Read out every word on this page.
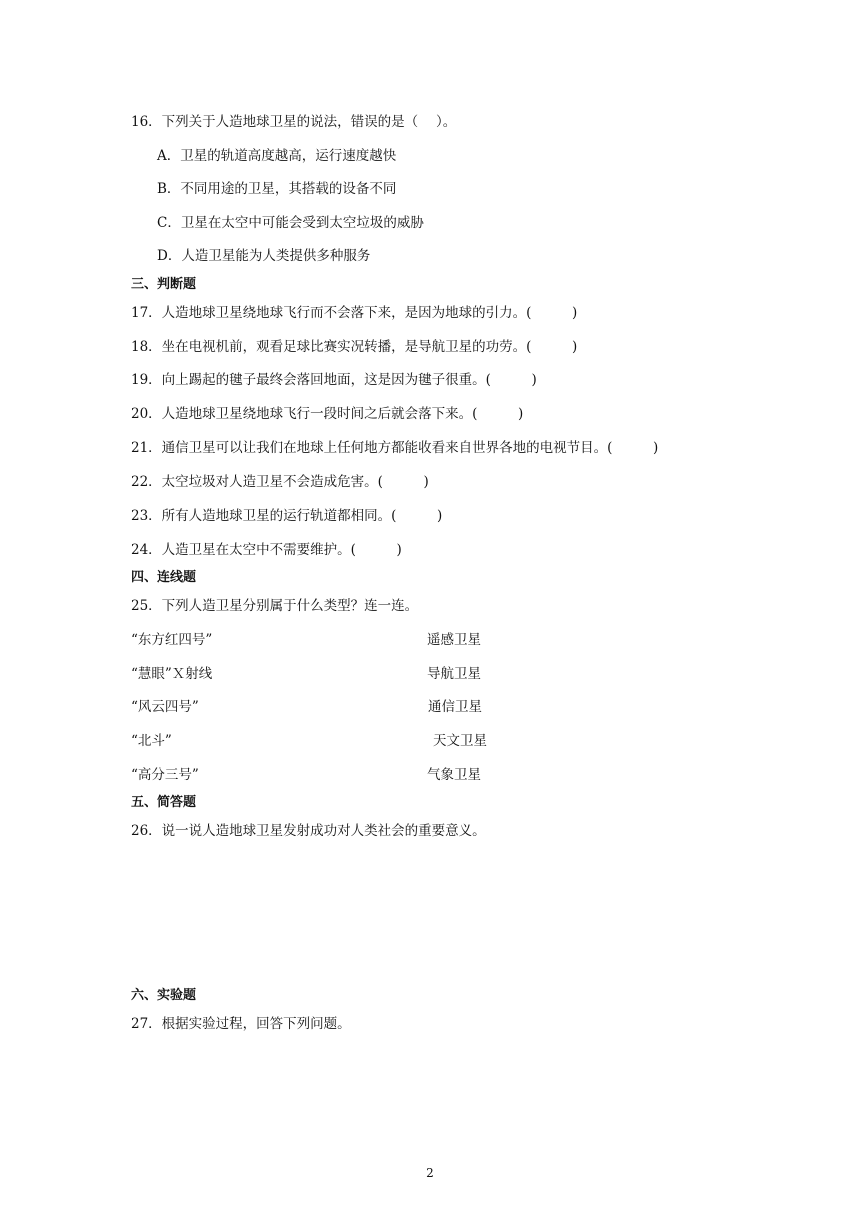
16．下列关于人造地球卫星的说法，错误的是（　 ）。
A．卫星的轨道高度越高，运行速度越快
B．不同用途的卫星，其搭载的设备不同
C．卫星在太空中可能会受到太空垃圾的威胁
D．人造卫星能为人类提供多种服务
三、判断题
17．人造地球卫星绕地球飞行而不会落下来，是因为地球的引力。(　　　)
18．坐在电视机前，观看足球比赛实况转播，是导航卫星的功劳。(　　　)
19．向上踢起的毽子最终会落回地面，这是因为毽子很重。(　　　)
20．人造地球卫星绕地球飞行一段时间之后就会落下来。(　　　)
21．通信卫星可以让我们在地球上任何地方都能收看来自世界各地的电视节目。(　　　)
22．太空垃圾对人造卫星不会造成危害。(　　　)
23．所有人造地球卫星的运行轨道都相同。(　　　)
24．人造卫星在太空中不需要维护。(　　　)
四、连线题
25．下列人造卫星分别属于什么类型？连一连。
“东方红四号”
“慧眼”Ｘ射线
“风云四号”
“北斗”
“高分三号”
遥感卫星
导航卫星
通信卫星
天文卫星
气象卫星
五、简答题
26．说一说人造地球卫星发射成功对人类社会的重要意义。
六、实验题
27．根据实验过程，回答下列问题。
2
